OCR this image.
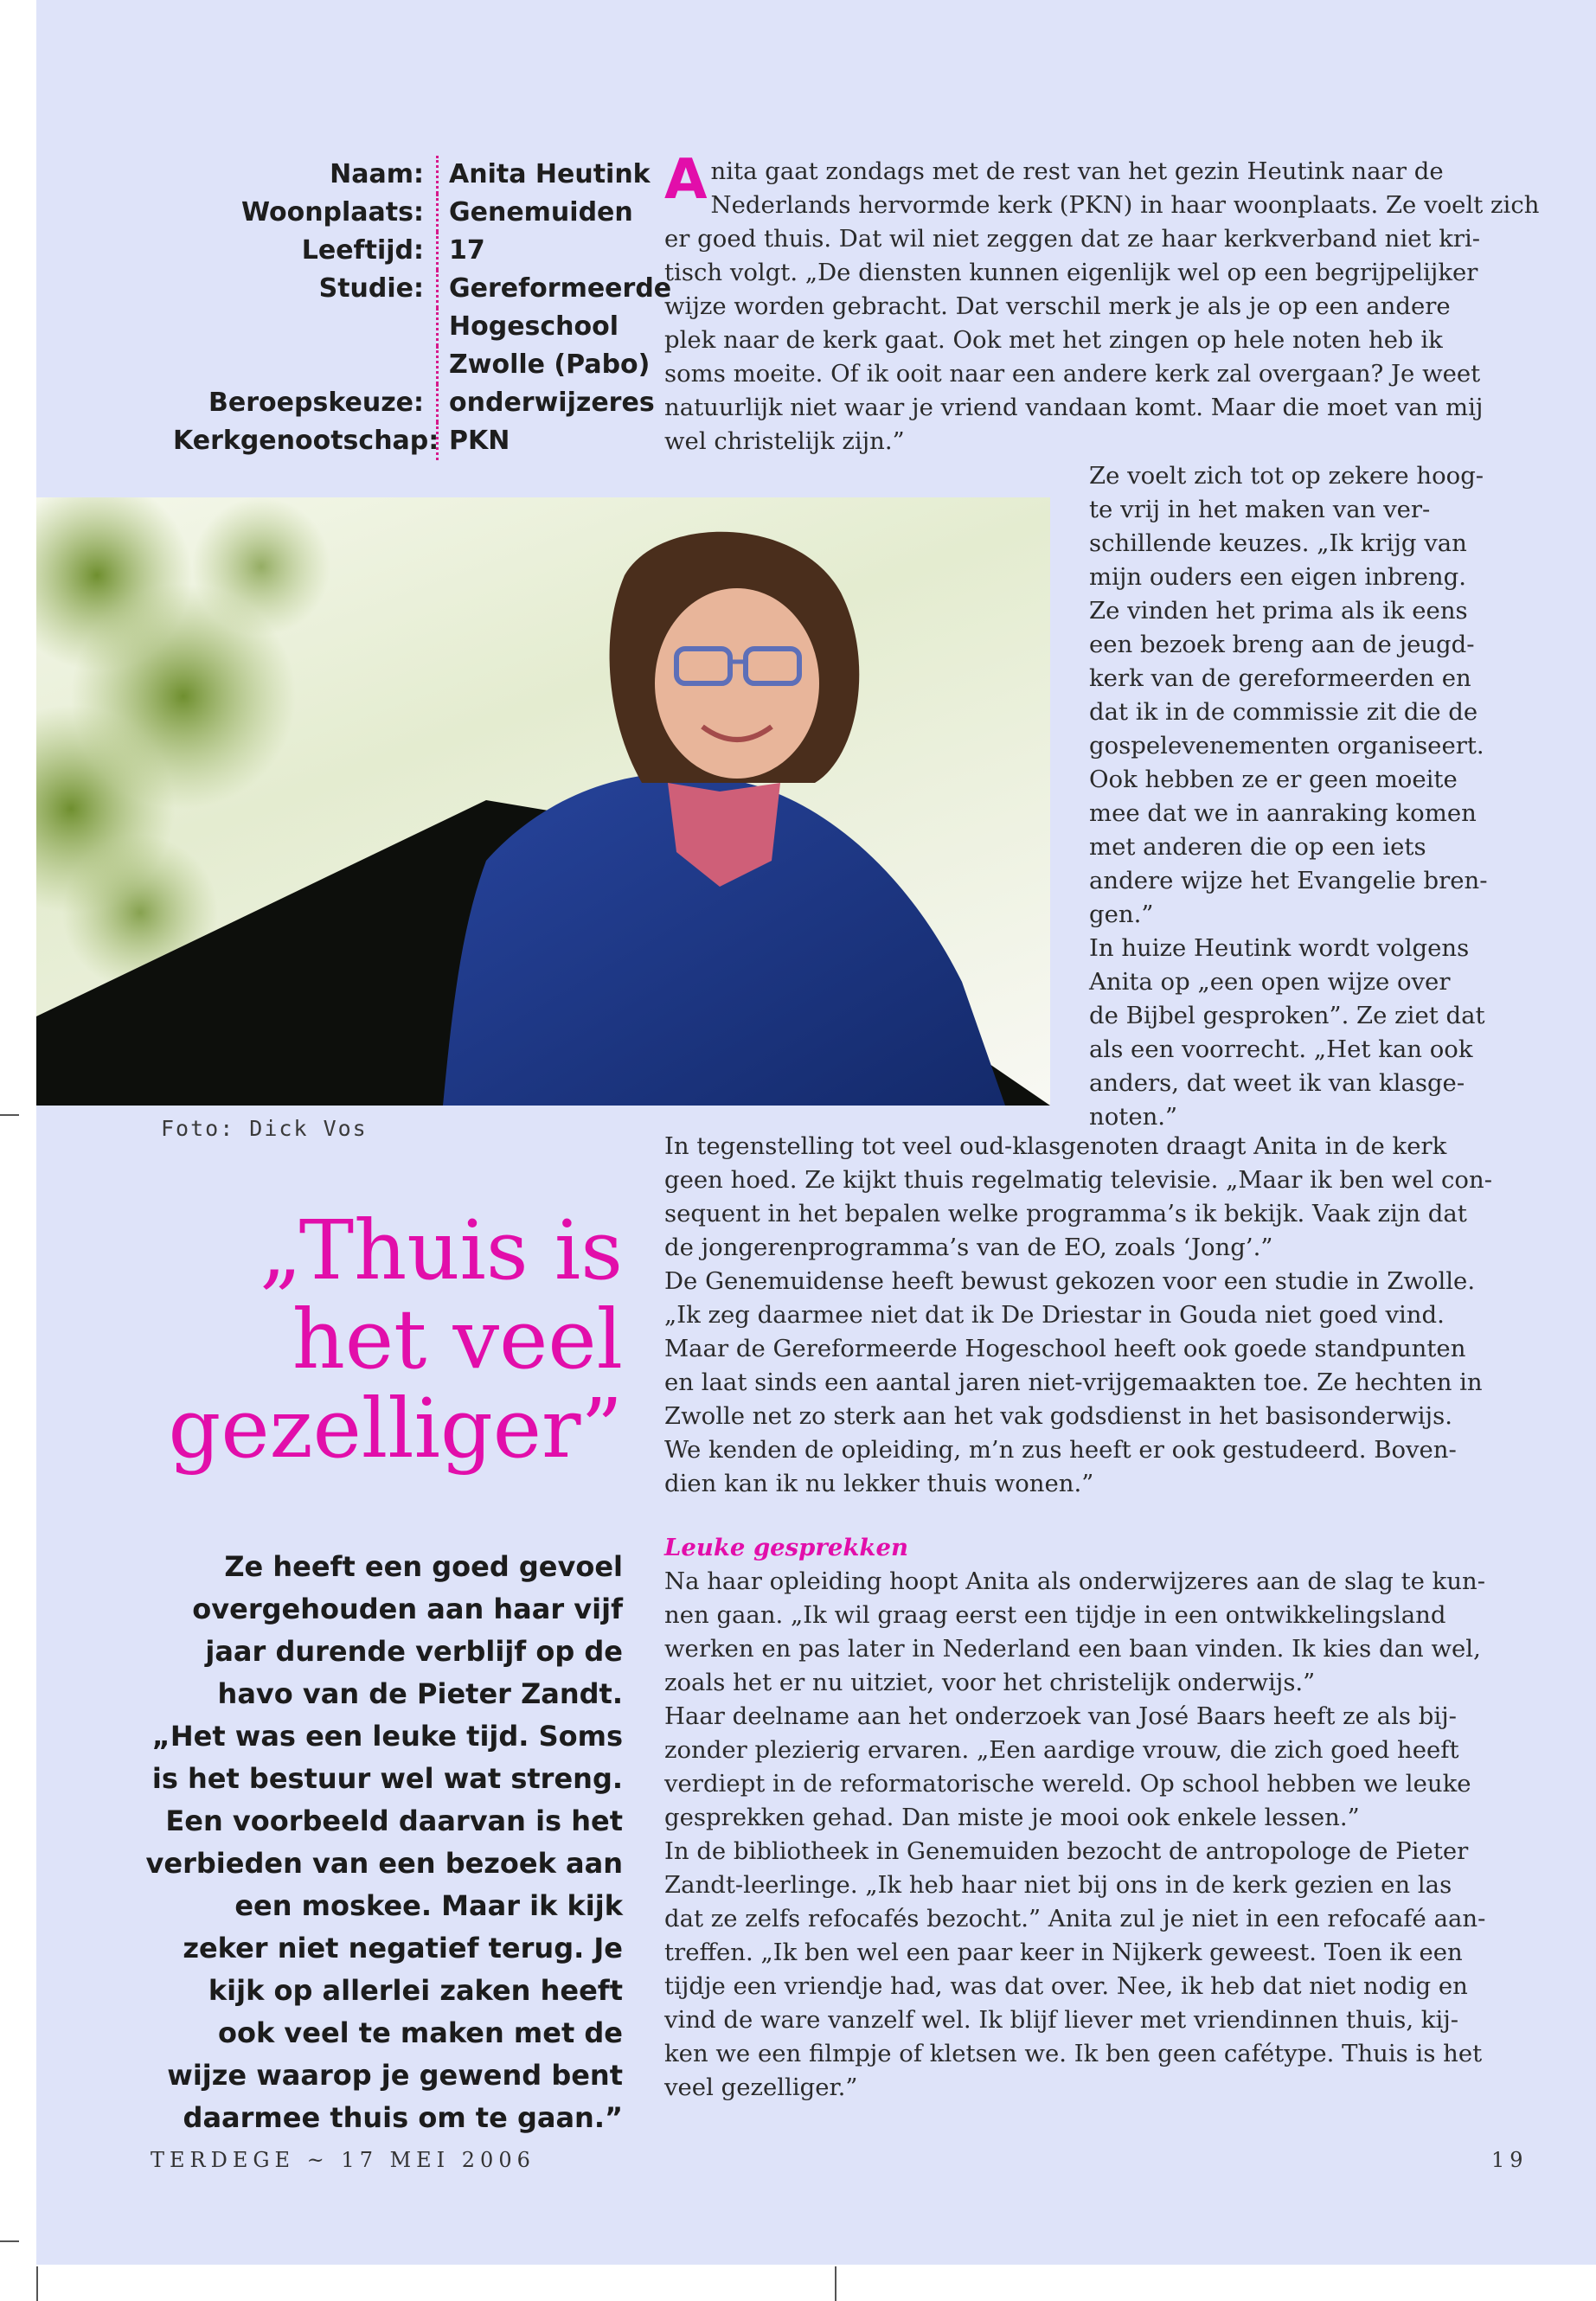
Naam: Anita Heutink
Woonplaats: Genemuiden
Leeftijd: 17
Studie: Gereformeerde
Hogeschool
Zwolle (Pabo)
Beroepskeuze: onderwijzeres
Kerkgenootschap: PKN
Foto: Dick Vos
„Thuis is
het veel
gezelliger”
Ze heeft een goed gevoel overgehouden aan haar vijf jaar durende verblijf op de havo van de Pieter Zandt. „Het was een leuke tijd. Soms is het bestuur wel wat streng. Een voorbeeld daarvan is het verbieden van een bezoek aan een moskee. Maar ik kijk zeker niet negatief terug. Je kijk op allerlei zaken heeft ook veel te maken met de wijze waarop je gewend bent daarmee thuis om te gaan.”
A nita gaat zondags met de rest van het gezin Heutink naar de
Nederlands hervormde kerk (PKN) in haar woonplaats. Ze voelt zich
er goed thuis. Dat wil niet zeggen dat ze haar kerkverband niet kri-
tisch volgt. „De diensten kunnen eigenlijk wel op een begrijpelijker
wijze worden gebracht. Dat verschil merk je als je op een andere
plek naar de kerk gaat. Ook met het zingen op hele noten heb ik
soms moeite. Of ik ooit naar een andere kerk zal overgaan? Je weet
natuurlijk niet waar je vriend vandaan komt. Maar die moet van mij
wel christelijk zijn.”
Ze voelt zich tot op zekere hoog-
te vrij in het maken van ver-
schillende keuzes. „Ik krijg van
mijn ouders een eigen inbreng.
Ze vinden het prima als ik eens
een bezoek breng aan de jeugd-
kerk van de gereformeerden en
dat ik in de commissie zit die de
gospelevenementen organiseert.
Ook hebben ze er geen moeite
mee dat we in aanraking komen
met anderen die op een iets
andere wijze het Evangelie bren-
gen.”
In huize Heutink wordt volgens
Anita op „een open wijze over
de Bijbel gesproken”. Ze ziet dat
als een voorrecht. „Het kan ook
anders, dat weet ik van klasge-
noten.”
In tegenstelling tot veel oud-klasgenoten draagt Anita in de kerk
geen hoed. Ze kijkt thuis regelmatig televisie. „Maar ik ben wel con-
sequent in het bepalen welke programma’s ik bekijk. Vaak zijn dat
de jongerenprogramma’s van de EO, zoals ‘Jong’.”
De Genemuidense heeft bewust gekozen voor een studie in Zwolle.
„Ik zeg daarmee niet dat ik De Driestar in Gouda niet goed vind.
Maar de Gereformeerde Hogeschool heeft ook goede standpunten
en laat sinds een aantal jaren niet-vrijgemaakten toe. Ze hechten in
Zwolle net zo sterk aan het vak godsdienst in het basisonderwijs.
We kenden de opleiding, m’n zus heeft er ook gestudeerd. Boven-
dien kan ik nu lekker thuis wonen.”
Leuke gesprekken
Na haar opleiding hoopt Anita als onderwijzeres aan de slag te kun-
nen gaan. „Ik wil graag eerst een tijdje in een ontwikkelingsland
werken en pas later in Nederland een baan vinden. Ik kies dan wel,
zoals het er nu uitziet, voor het christelijk onderwijs.”
Haar deelname aan het onderzoek van José Baars heeft ze als bij-
zonder plezierig ervaren. „Een aardige vrouw, die zich goed heeft
verdiept in de reformatorische wereld. Op school hebben we leuke
gesprekken gehad. Dan miste je mooi ook enkele lessen.”
In de bibliotheek in Genemuiden bezocht de antropologe de Pieter
Zandt-leerlinge. „Ik heb haar niet bij ons in de kerk gezien en las
dat ze zelfs refocafés bezocht.” Anita zul je niet in een refocafé aan-
treffen. „Ik ben wel een paar keer in Nijkerk geweest. Toen ik een
tijdje een vriendje had, was dat over. Nee, ik heb dat niet nodig en
vind de ware vanzelf wel. Ik blijf liever met vriendinnen thuis, kij-
ken we een filmpje of kletsen we. Ik ben geen cafétype. Thuis is het
veel gezelliger.”
TERDEGE ~ 17 MEI 2006	19
